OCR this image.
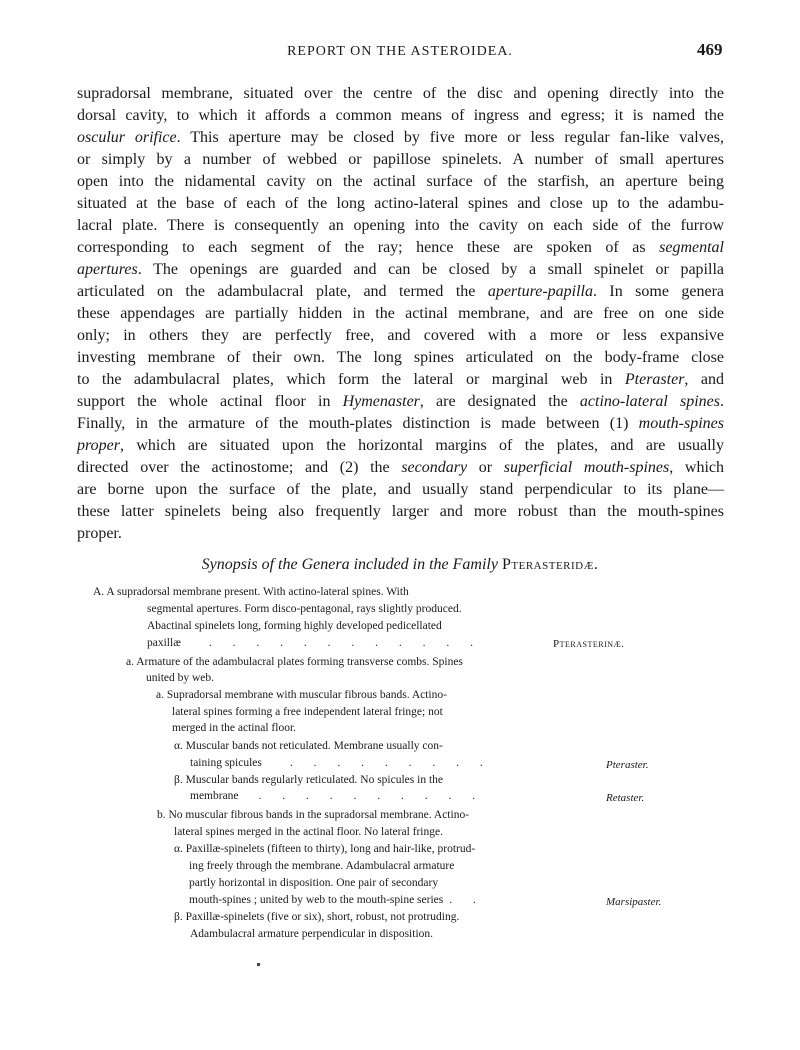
REPORT ON THE ASTEROIDEA.	469
supradorsal membrane, situated over the centre of the disc and opening directly into the
dorsal cavity, to which it affords a common means of ingress and egress; it is named the
osculur orifice. This aperture may be closed by five more or less regular fan-like valves,
or simply by a number of webbed or papillose spinelets. A number of small apertures
open into the nidamental cavity on the actinal surface of the starfish, an aperture being
situated at the base of each of the long actino-lateral spines and close up to the adambu-
lacral plate. There is consequently an opening into the cavity on each side of the furrow
corresponding to each segment of the ray; hence these are spoken of as segmental
apertures. The openings are guarded and can be closed by a small spinelet or papilla
articulated on the adambulacral plate, and termed the aperture-papilla. In some genera
these appendages are partially hidden in the actinal membrane, and are free on one side
only; in others they are perfectly free, and covered with a more or less expansive
investing membrane of their own. The long spines articulated on the body-frame close
to the adambulacral plates, which form the lateral or marginal web in Pteraster, and
support the whole actinal floor in Hymenaster, are designated the actino-lateral spines.
Finally, in the armature of the mouth-plates distinction is made between (1) mouth-spines
proper, which are situated upon the horizontal margins of the plates, and are usually
directed over the actinostome; and (2) the secondary or superficial mouth-spines, which
are borne upon the surface of the plate, and usually stand perpendicular to its plane—
these latter spinelets being also frequently larger and more robust than the mouth-spines
proper.
Synopsis of the Genera included in the Family Pterasteridæ.
A. A supradorsal membrane present. With actino-lateral spines. With
segmental apertures. Form disco-pentagonal, rays slightly produced.
Abactinal spinelets long, forming highly developed pedicellated
paxillæ . . . . . . . . . . . .	Pterasterinæ.
a. Armature of the adambulacral plates forming transverse combs. Spines
united by web.
a. Supradorsal membrane with muscular fibrous bands. Actino-
lateral spines forming a free independent lateral fringe; not
merged in the actinal floor.
α. Muscular bands not reticulated. Membrane usually con-
taining spicules . . . . . . . . .	Pteraster.
β. Muscular bands regularly reticulated. No spicules in the
membrane . . . . . . . . . .	Retaster.
b. No muscular fibrous bands in the supradorsal membrane. Actino-
lateral spines merged in the actinal floor. No lateral fringe.
α. Paxillæ-spinelets (fifteen to thirty), long and hair-like, protrud-
ing freely through the membrane. Adambulacral armature
partly horizontal in disposition. One pair of secondary
mouth-spines ; united by web to the mouth-spine series . .	Marsipaster.
β. Paxillæ-spinelets (five or six), short, robust, not protruding.
Adambulacral armature perpendicular in disposition.
